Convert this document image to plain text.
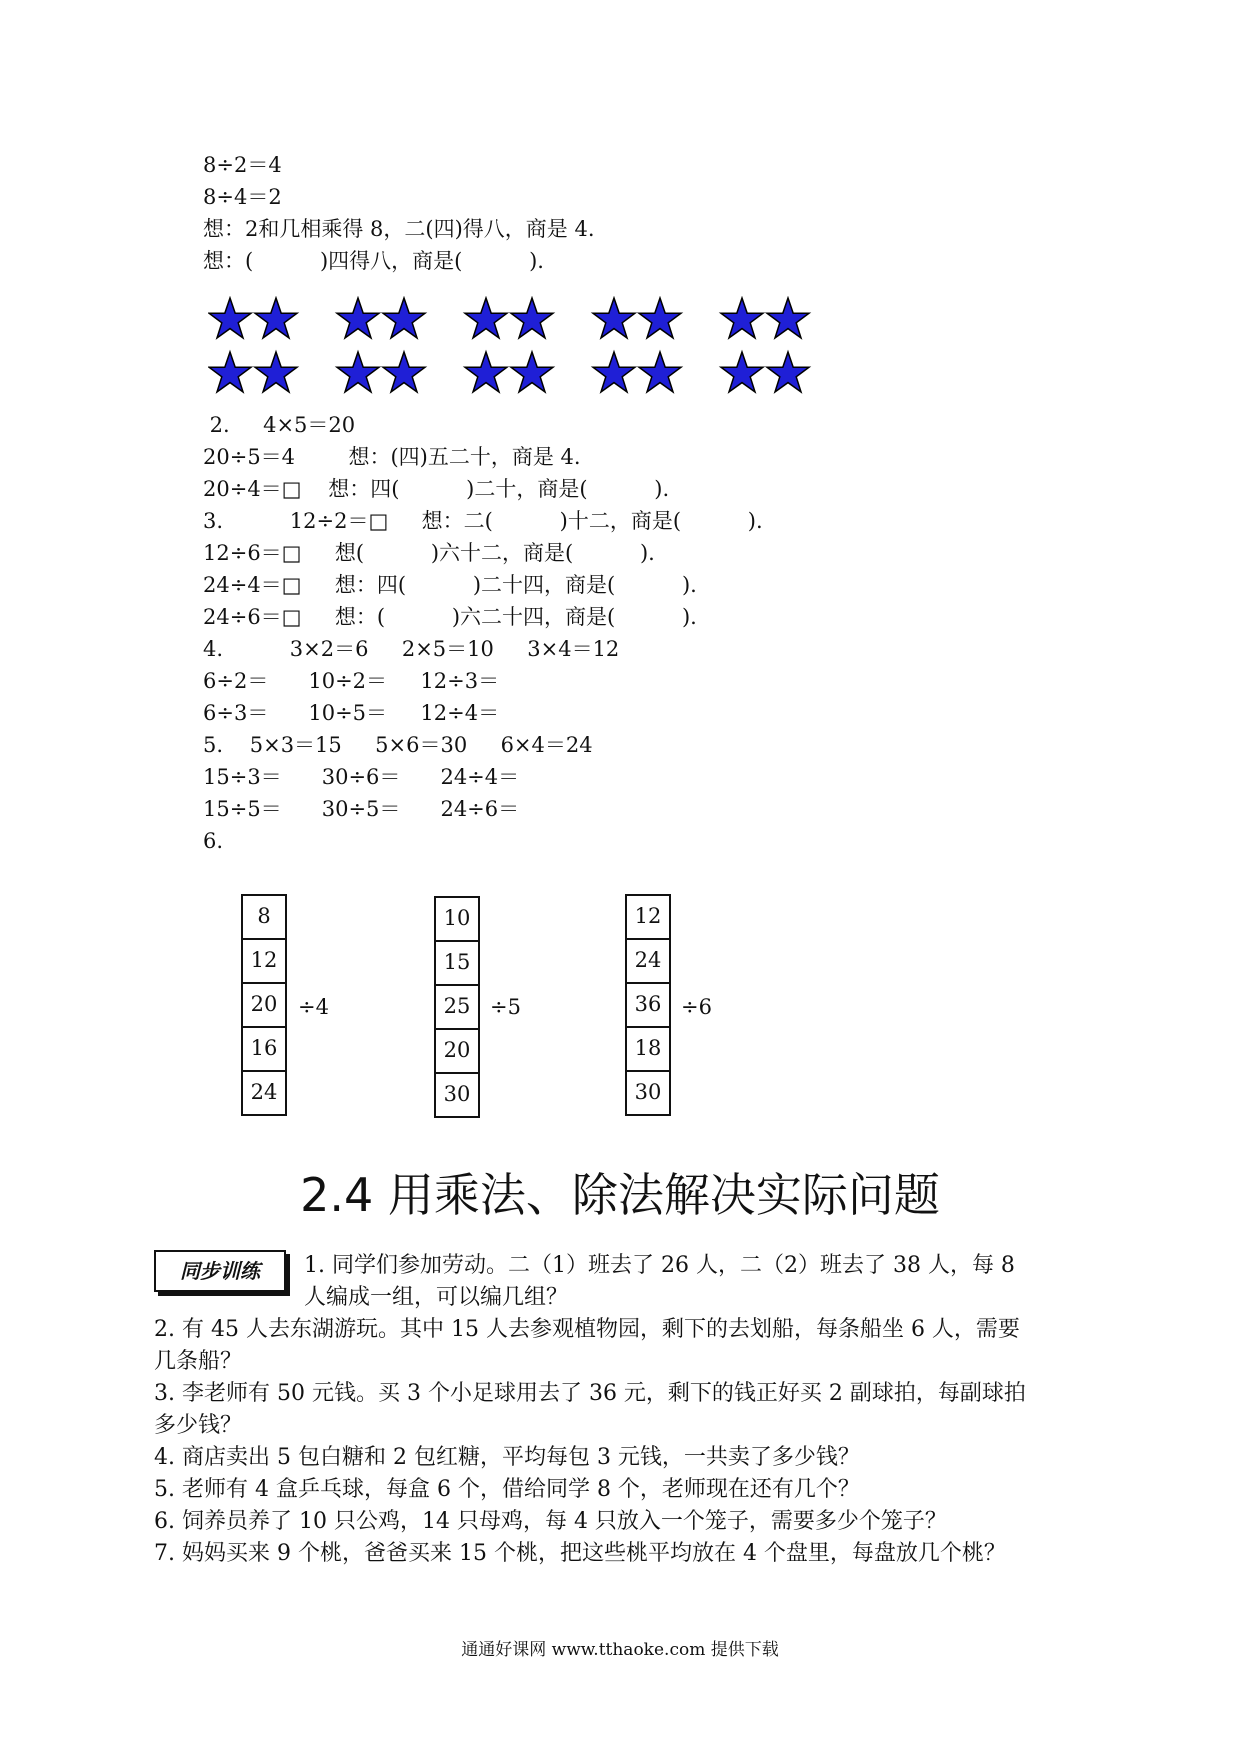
8÷2＝4
8÷4＝2
想：2和几相乘得 8，二(四)得八，商是 4.
想：(          )四得八，商是(          ).
2.     4×5＝20
20÷5＝4        想：(四)五二十，商是 4.
20÷4＝□    想：四(          )二十，商是(          ).
3.          12÷2＝□     想：二(          )十二，商是(          ).
12÷6＝□     想(          )六十二，商是(          ).
24÷4＝□     想：四(          )二十四，商是(          ).
24÷6＝□     想：(          )六二十四，商是(          ).
4.          3×2＝6     2×5＝10     3×4＝12
6÷2＝      10÷2＝     12÷3＝
6÷3＝      10÷5＝     12÷4＝
5.    5×3＝15     5×6＝30     6×4＝24
15÷3＝      30÷6＝      24÷4＝
15÷5＝      30÷5＝      24÷6＝
6.
8
12
20
16
24
÷4
10
15
25
20
30
÷5
12
24
36
18
30
÷6
2.4 用乘法、除法解决实际问题
同步训练	1. 同学们参加劳动。二（1）班去了 26 人，二（2）班去了 38 人，每 8
人编成一组，可以编几组？
2. 有 45 人去东湖游玩。其中 15 人去参观植物园，剩下的去划船，每条船坐 6 人，需要
几条船？
3. 李老师有 50 元钱。买 3 个小足球用去了 36 元，剩下的钱正好买 2 副球拍，每副球拍
多少钱？
4. 商店卖出 5 包白糖和 2 包红糖，平均每包 3 元钱，一共卖了多少钱？
5. 老师有 4 盒乒乓球，每盒 6 个，借给同学 8 个，老师现在还有几个？
6. 饲养员养了 10 只公鸡，14 只母鸡，每 4 只放入一个笼子，需要多少个笼子？
7. 妈妈买来 9 个桃，爸爸买来 15 个桃，把这些桃平均放在 4 个盘里，每盘放几个桃？
通通好课网 www.tthaoke.com 提供下载
